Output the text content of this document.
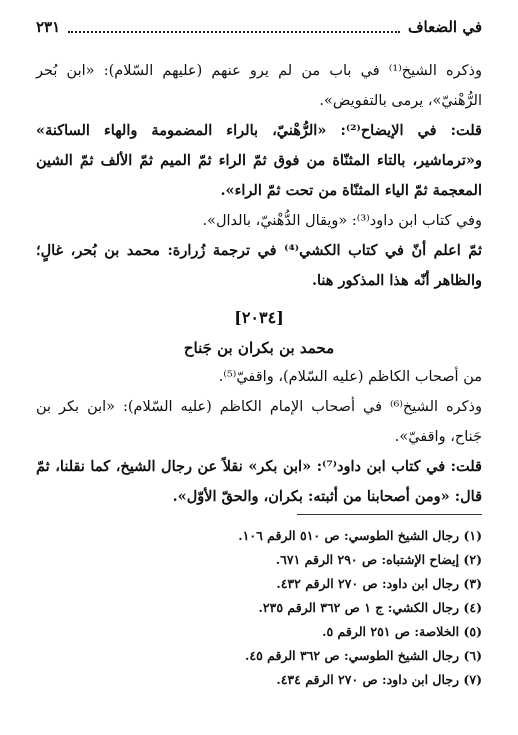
في الضعاف
٢٣١

وذكره الشيخ⁽¹⁾ في باب من لم يرو عنهم (عليهم السّلام): «ابن بُحر الرُّهْنيّ»، يرمى بالتفويض».

قلت: في الإيضاح⁽²⁾: «الرُّهْنيّ، بالراء المضمومة والهاء الساكنة» و«ترماشير، بالتاء المثنّاة من فوق ثمّ الراء ثمّ الميم ثمّ الألف ثمّ الشين المعجمة ثمّ الياء المثنّاة من تحت ثمّ الراء».

وفي كتاب ابن داود⁽³⁾: «ويقال الدُّهْنيّ، بالدال».

ثمّ اعلم أنّ في كتاب الكشي⁽⁴⁾ في ترجمة زُرارة: محمد بن بُحر، غالٍ؛ والظاهر أنّه هذا المذكور هنا.

[٢٠٣٤]

محمد بن بكران بن جَناح

من أصحاب الكاظم (عليه السّلام)، واقفيّ⁽⁵⁾.

وذكره الشيخ⁽⁶⁾ في أصحاب الإمام الكاظم (عليه السّلام): «ابن بكر بن جَناح، واقفيّ».

قلت: في كتاب ابن داود⁽⁷⁾: «ابن بكر» نقلاً عن رجال الشيخ، كما نقلنا، ثمّ قال: «ومن أصحابنا من أثبته: بكران، والحقّ الأوّل».

(١) رجال الشيخ الطوسي: ص ٥١٠ الرقم ١٠٦.

(٢) إيضاح الإشتباه: ص ٢٩٠ الرقم ٦٧١.

(٣) رجال ابن داود: ص ٢٧٠ الرقم ٤٣٢.

(٤) رجال الكشي: ج ١ ص ٣٦٢ الرقم ٢٣٥.

(٥) الخلاصة: ص ٢٥١ الرقم ٥.

(٦) رجال الشيخ الطوسي: ص ٣٦٢ الرقم ٤٥.

(٧) رجال ابن داود: ص ٢٧٠ الرقم ٤٣٤.
